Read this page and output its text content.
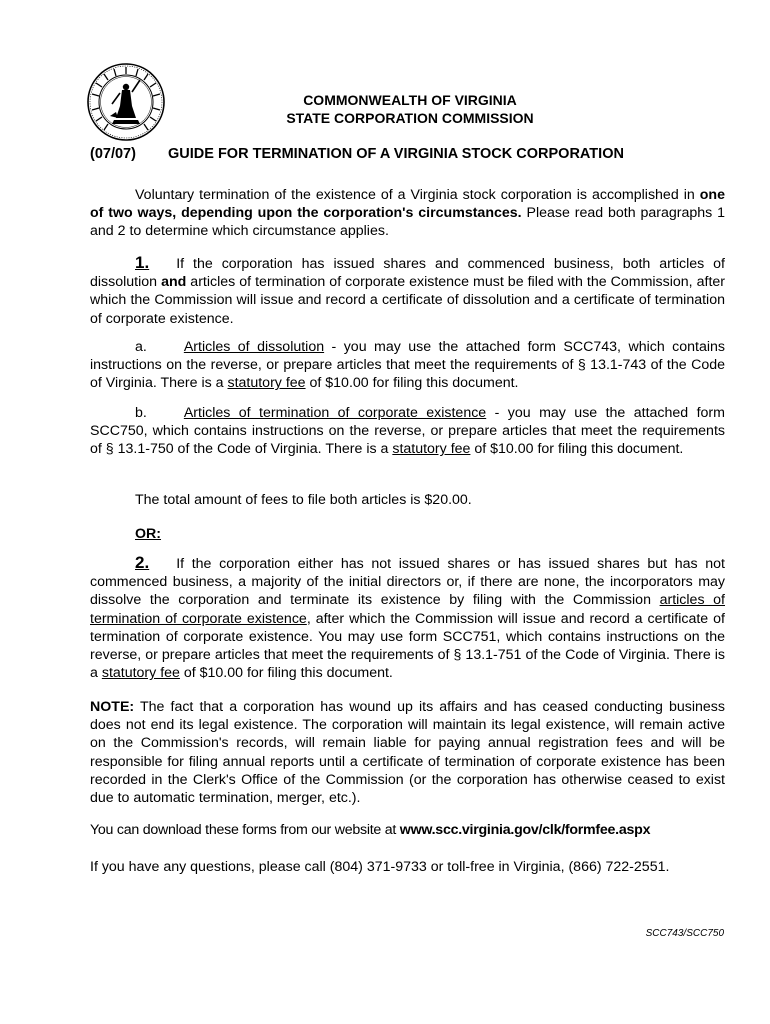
COMMONWEALTH OF VIRGINIA
STATE CORPORATION COMMISSION
(07/07) GUIDE FOR TERMINATION OF A VIRGINIA STOCK CORPORATION
Voluntary termination of the existence of a Virginia stock corporation is accomplished in one of two ways, depending upon the corporation's circumstances. Please read both paragraphs 1 and 2 to determine which circumstance applies.
1. If the corporation has issued shares and commenced business, both articles of dissolution and articles of termination of corporate existence must be filed with the Commission, after which the Commission will issue and record a certificate of dissolution and a certificate of termination of corporate existence.
a.	Articles of dissolution - you may use the attached form SCC743, which contains instructions on the reverse, or prepare articles that meet the requirements of § 13.1-743 of the Code of Virginia. There is a statutory fee of $10.00 for filing this document.
b.	Articles of termination of corporate existence - you may use the attached form SCC750, which contains instructions on the reverse, or prepare articles that meet the requirements of § 13.1-750 of the Code of Virginia. There is a statutory fee of $10.00 for filing this document.
The total amount of fees to file both articles is $20.00.
OR:
2. If the corporation either has not issued shares or has issued shares but has not commenced business, a majority of the initial directors or, if there are none, the incorporators may dissolve the corporation and terminate its existence by filing with the Commission articles of termination of corporate existence, after which the Commission will issue and record a certificate of termination of corporate existence. You may use form SCC751, which contains instructions on the reverse, or prepare articles that meet the requirements of § 13.1-751 of the Code of Virginia. There is a statutory fee of $10.00 for filing this document.
NOTE: The fact that a corporation has wound up its affairs and has ceased conducting business does not end its legal existence. The corporation will maintain its legal existence, will remain active on the Commission's records, will remain liable for paying annual registration fees and will be responsible for filing annual reports until a certificate of termination of corporate existence has been recorded in the Clerk's Office of the Commission (or the corporation has otherwise ceased to exist due to automatic termination, merger, etc.).
You can download these forms from our website at www.scc.virginia.gov/clk/formfee.aspx
If you have any questions, please call (804) 371-9733 or toll-free in Virginia, (866) 722-2551.
SCC743/SCC750
